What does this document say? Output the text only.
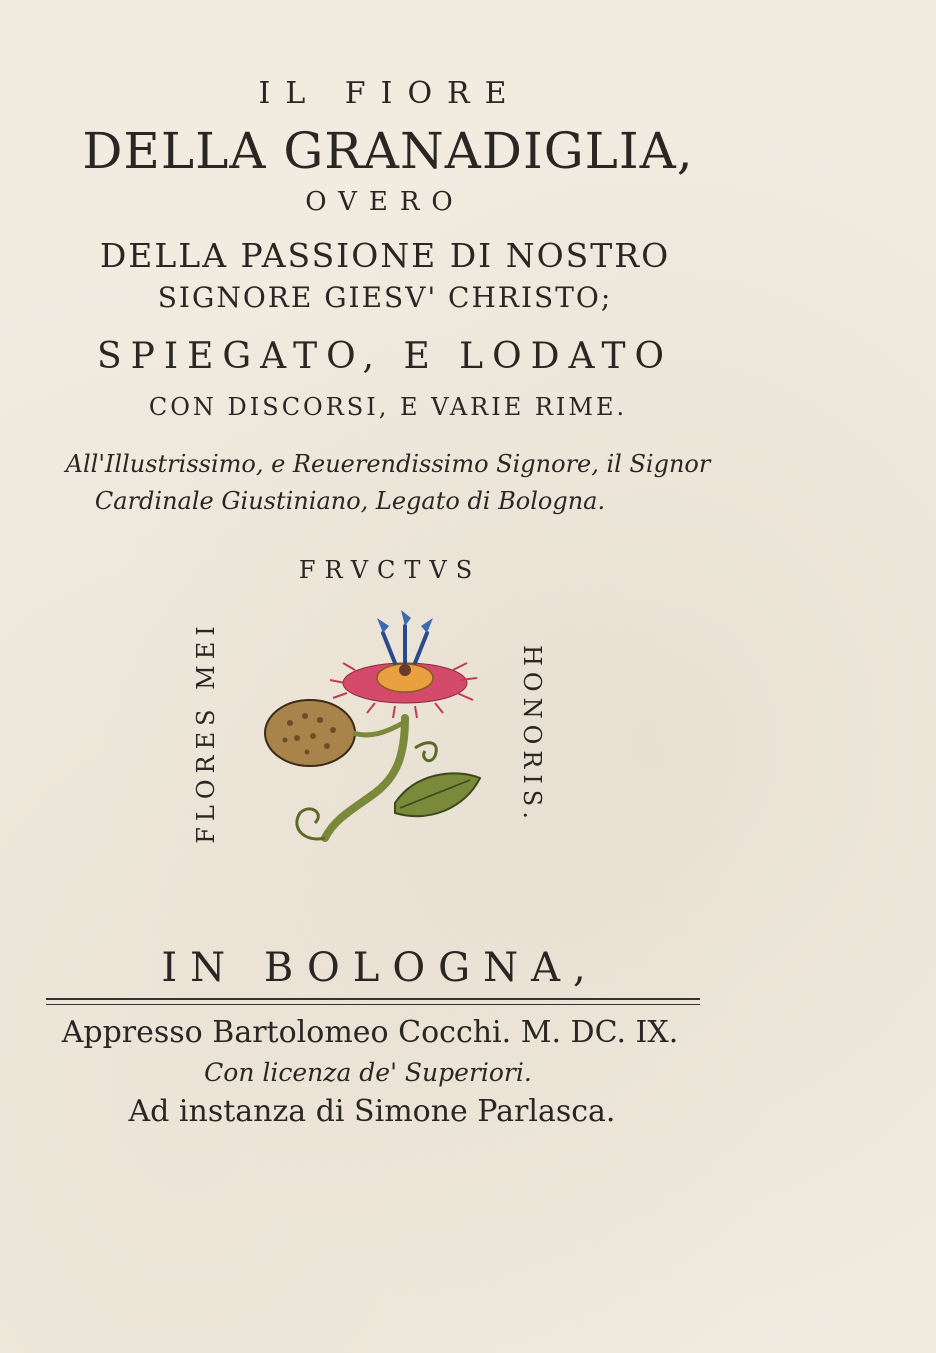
IL FIORE
DELLA GRANADIGLIA,
OVERO
DELLA PASSIONE DI NOSTRO
SIGNORE GIESV' CHRISTO;
SPIEGATO, E LODATO
CON DISCORSI, E VARIE RIME.
All'Illustrissimo, e Reuerendissimo Signore, il Signor
Cardinale Giustiniano, Legato di Bologna.
FRVCTVS
FLORES MEI	HONORIS.
IN BOLOGNA,
Appresso Bartolomeo Cocchi. M. DC. IX.
Con licenza de' Superiori.
Ad instanza di Simone Parlasca.
